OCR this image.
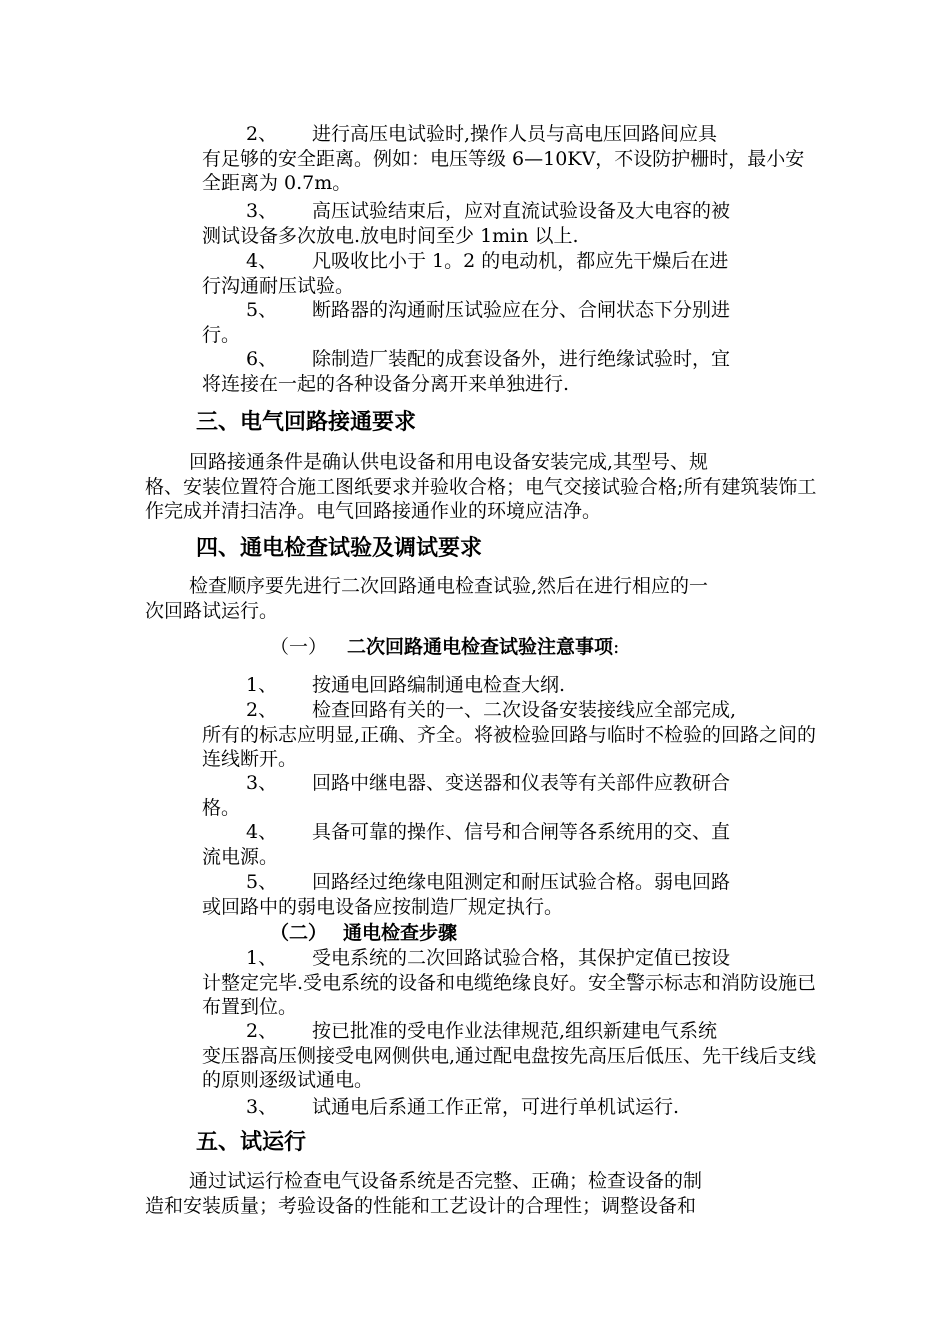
2、	进行高压电试验时,操作人员与高电压回路间应具
有足够的安全距离。例如：电压等级 6—10KV，不设防护栅时，最小安全距离为 0.7m。
3、	高压试验结束后，应对直流试验设备及大电容的被
测试设备多次放电.放电时间至少 1min 以上.
4、	凡吸收比小于 1。2 的电动机，都应先干燥后在进
行沟通耐压试验。
5、	断路器的沟通耐压试验应在分、合闸状态下分别进
行。
6、	除制造厂装配的成套设备外，进行绝缘试验时，宜
将连接在一起的各种设备分离开来单独进行.
三、电气回路接通要求
回路接通条件是确认供电设备和用电设备安装完成,其型号、规
格、安装位置符合施工图纸要求并验收合格；电气交接试验合格;所有建筑装饰工作完成并清扫洁净。电气回路接通作业的环境应洁净。
四、通电检查试验及调试要求
检查顺序要先进行二次回路通电检查试验,然后在进行相应的一
次回路试运行。
（一） 二次回路通电检查试验注意事项:
1、	按通电回路编制通电检查大纲.
2、	检查回路有关的一、二次设备安装接线应全部完成,
所有的标志应明显,正确、齐全。将被检验回路与临时不检验的回路之间的连线断开。
3、	回路中继电器、变送器和仪表等有关部件应教研合
格。
4、	具备可靠的操作、信号和合闸等各系统用的交、直
流电源。
5、	回路经过绝缘电阻测定和耐压试验合格。弱电回路
或回路中的弱电设备应按制造厂规定执行。
（二） 通电检查步骤
1、	受电系统的二次回路试验合格，其保护定值已按设
计整定完毕.受电系统的设备和电缆绝缘良好。安全警示标志和消防设施已布置到位。
2、	按已批准的受电作业法律规范,组织新建电气系统
变压器高压侧接受电网侧供电,通过配电盘按先高压后低压、先干线后支线的原则逐级试通电。
3、	试通电后系通工作正常，可进行单机试运行.
五、试运行
通过试运行检查电气设备系统是否完整、正确；检查设备的制
造和安装质量；考验设备的性能和工艺设计的合理性；调整设备和
